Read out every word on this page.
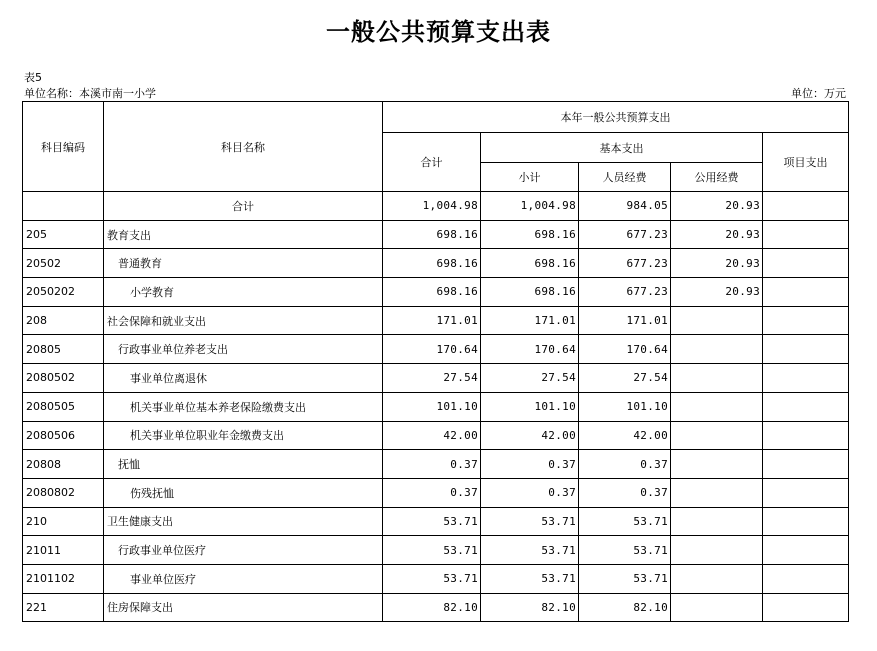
一般公共预算支出表
表5
单位名称：本溪市南一小学	单位：万元
科目编码	科目名称	本年一般公共预算支出				
		合计	基本支出			项目支出
			小计	人员经费	公用经费	
	合计	1,004.98	1,004.98	984.05	20.93	
205	教育支出	698.16	698.16	677.23	20.93	
20502	普通教育	698.16	698.16	677.23	20.93	
2050202	小学教育	698.16	698.16	677.23	20.93	
208	社会保障和就业支出	171.01	171.01	171.01		
20805	行政事业单位养老支出	170.64	170.64	170.64		
2080502	事业单位离退休	27.54	27.54	27.54		
2080505	机关事业单位基本养老保险缴费支出	101.10	101.10	101.10		
2080506	机关事业单位职业年金缴费支出	42.00	42.00	42.00		
20808	抚恤	0.37	0.37	0.37		
2080802	伤残抚恤	0.37	0.37	0.37		
210	卫生健康支出	53.71	53.71	53.71		
21011	行政事业单位医疗	53.71	53.71	53.71		
2101102	事业单位医疗	53.71	53.71	53.71		
221	住房保障支出	82.10	82.10	82.10		
